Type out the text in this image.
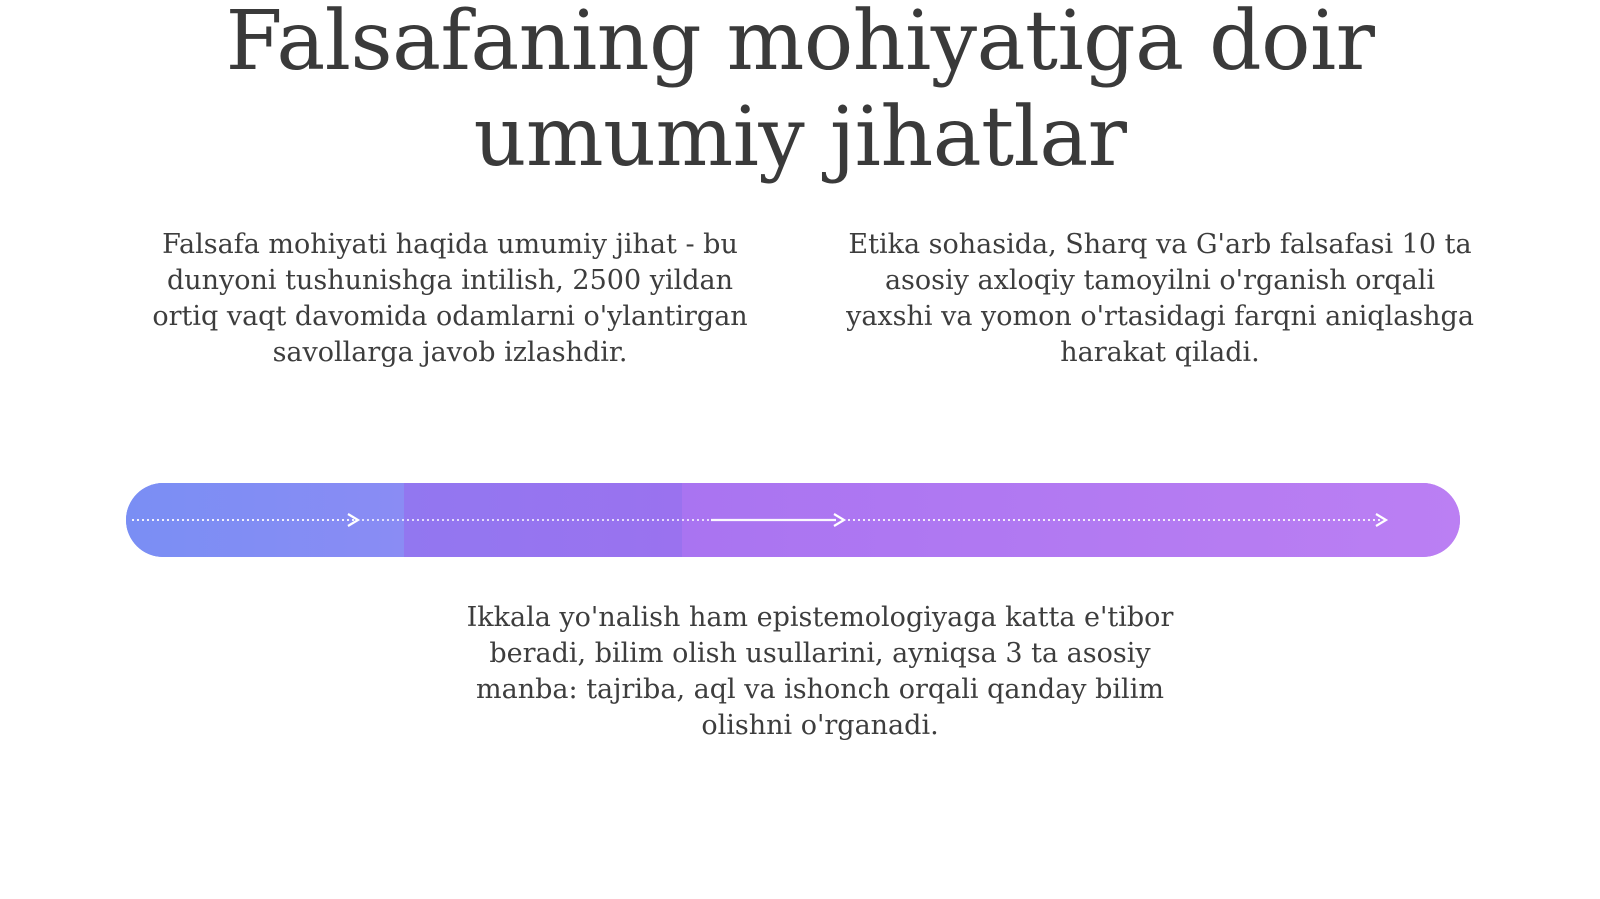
Falsafaning mohiyatiga doir
umumiy jihatlar

Falsafa mohiyati haqida umumiy jihat - bu dunyoni tushunishga intilish, 2500 yildan ortiq vaqt davomida odamlarni o'ylantirgan savollarga javob izlashdir.

Etika sohasida, Sharq va G'arb falsafasi 10 ta asosiy axloqiy tamoyilni o'rganish orqali yaxshi va yomon o'rtasidagi farqni aniqlashga harakat qiladi.

Ikkala yo'nalish ham epistemologiyaga katta e'tibor beradi, bilim olish usullarini, ayniqsa 3 ta asosiy manba: tajriba, aql va ishonch orqali qanday bilim olishni o'rganadi.
